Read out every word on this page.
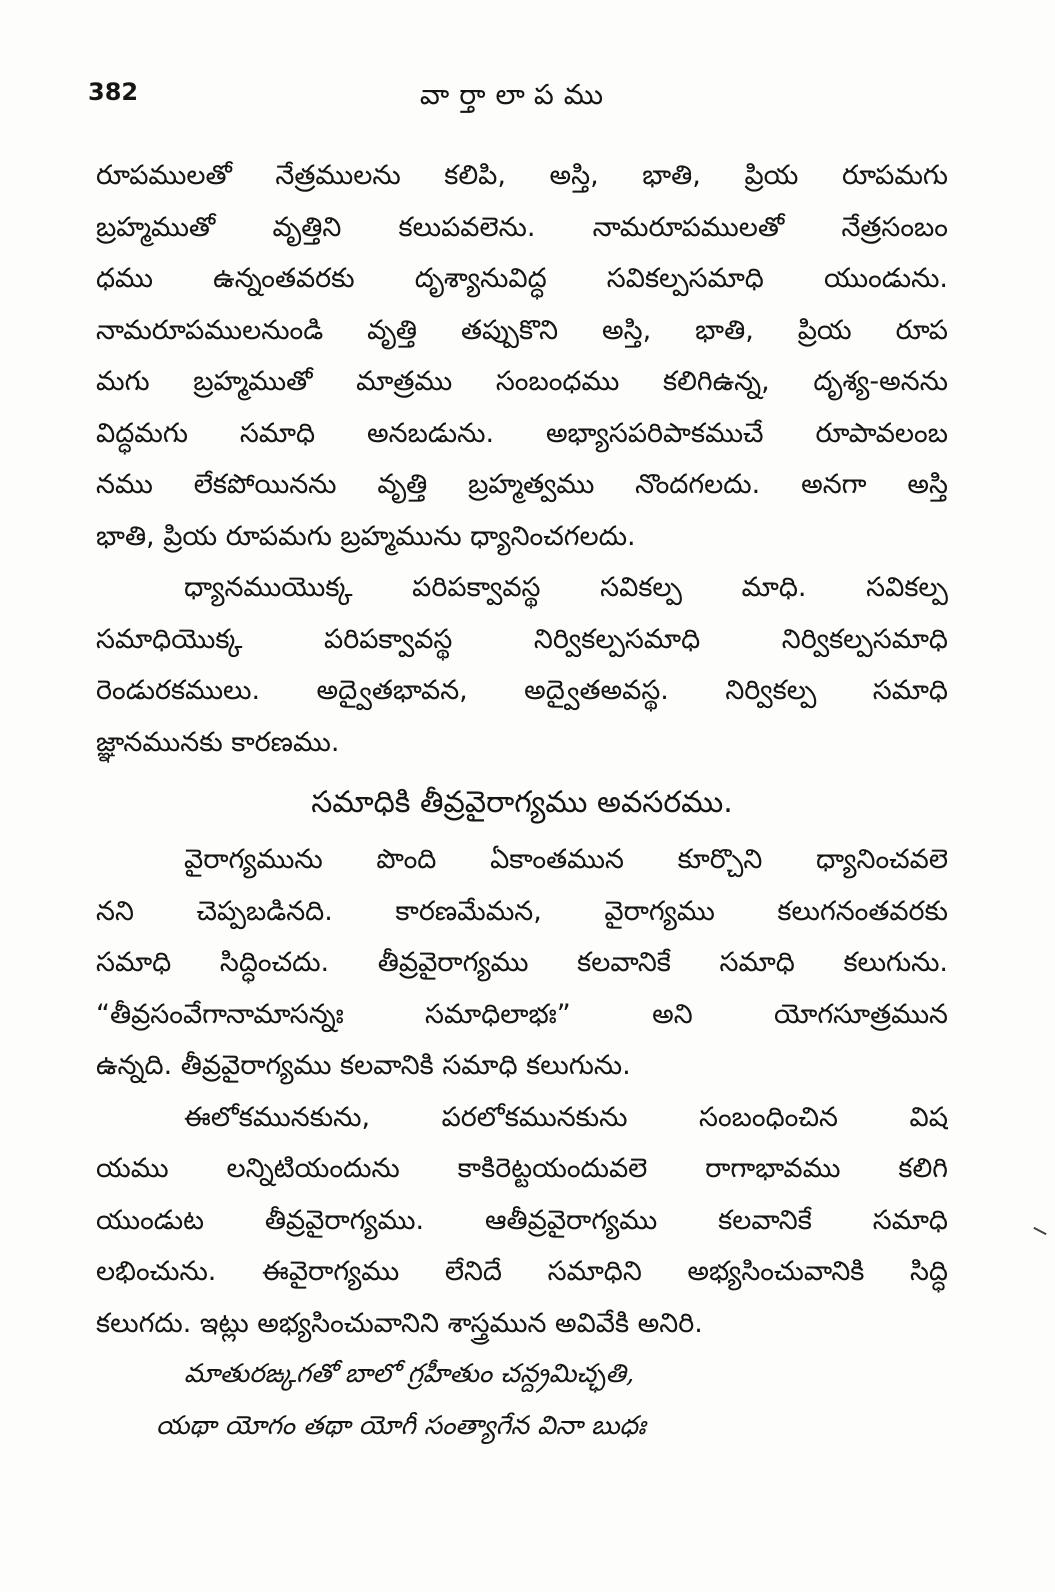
382	వార్తాలాపము
రూపములతో నేత్రములను కలిపి, అస్తి, భాతి, ప్రియ రూపమగు
బ్రహ్మముతో వృత్తిని కలుపవలెను. నామరూపములతో నేత్రసంబం
ధము ఉన్నంతవరకు దృశ్యానువిద్ధ సవికల్పసమాధి యుండును.
నామరూపములనుండి వృత్తి తప్పుకొని అస్తి, భాతి, ప్రియ రూప
మగు బ్రహ్మముతో మాత్రము సంబంధము కలిగిఉన్న, దృశ్య-అనను
విద్ధమగు సమాధి అనబడును. అభ్యాసపరిపాకముచే రూపావలంబ
నము లేకపోయినను వృత్తి బ్రహ్మత్వము నొందగలదు. అనగా అస్తి
భాతి, ప్రియ రూపమగు బ్రహ్మమును ధ్యానించగలదు.
ధ్యానముయొక్క పరిపక్వావస్థ సవికల్ప మాధి. సవికల్ప
సమాధియొక్క పరిపక్వావస్థ నిర్వికల్పసమాధి నిర్వికల్పసమాధి
రెండురకములు. అద్వైతభావన, అద్వైతఅవస్థ. నిర్వికల్ప సమాధి
జ్ఞానమునకు కారణము.
సమాధికి తీవ్రవైరాగ్యము అవసరము.
వైరాగ్యమును పొంది ఏకాంతమున కూర్చొని ధ్యానించవలె
నని చెప్పబడినది. కారణమేమన, వైరాగ్యము కలుగనంతవరకు
సమాధి సిద్ధించదు. తీవ్రవైరాగ్యము కలవానికే సమాధి కలుగును.
“తీవ్రసంవేగానామాసన్నః సమాధిలాభః” అని యోగసూత్రమున
ఉన్నది. తీవ్రవైరాగ్యము కలవానికి సమాధి కలుగును.
ఈలోకమునకును, పరలోకమునకును సంబంధించిన విష
యము లన్నిటియందును కాకిరెట్టయందువలె రాగాభావము కలిగి
యుండుట తీవ్రవైరాగ్యము. ఆతీవ్రవైరాగ్యము కలవానికే సమాధి
లభించును. ఈవైరాగ్యము లేనిదే సమాధిని అభ్యసించువానికి సిద్ధి
కలుగదు. ఇట్లు అభ్యసించువానిని శాస్త్రమున అవివేకి అనిరి.
మాతురఙ్కగతో బాలో గ్రహీతుం చన్ద్రమిచ్ఛతి,
యథా యోగం తథా యోగీ సంత్యాగేన వినా బుధః
